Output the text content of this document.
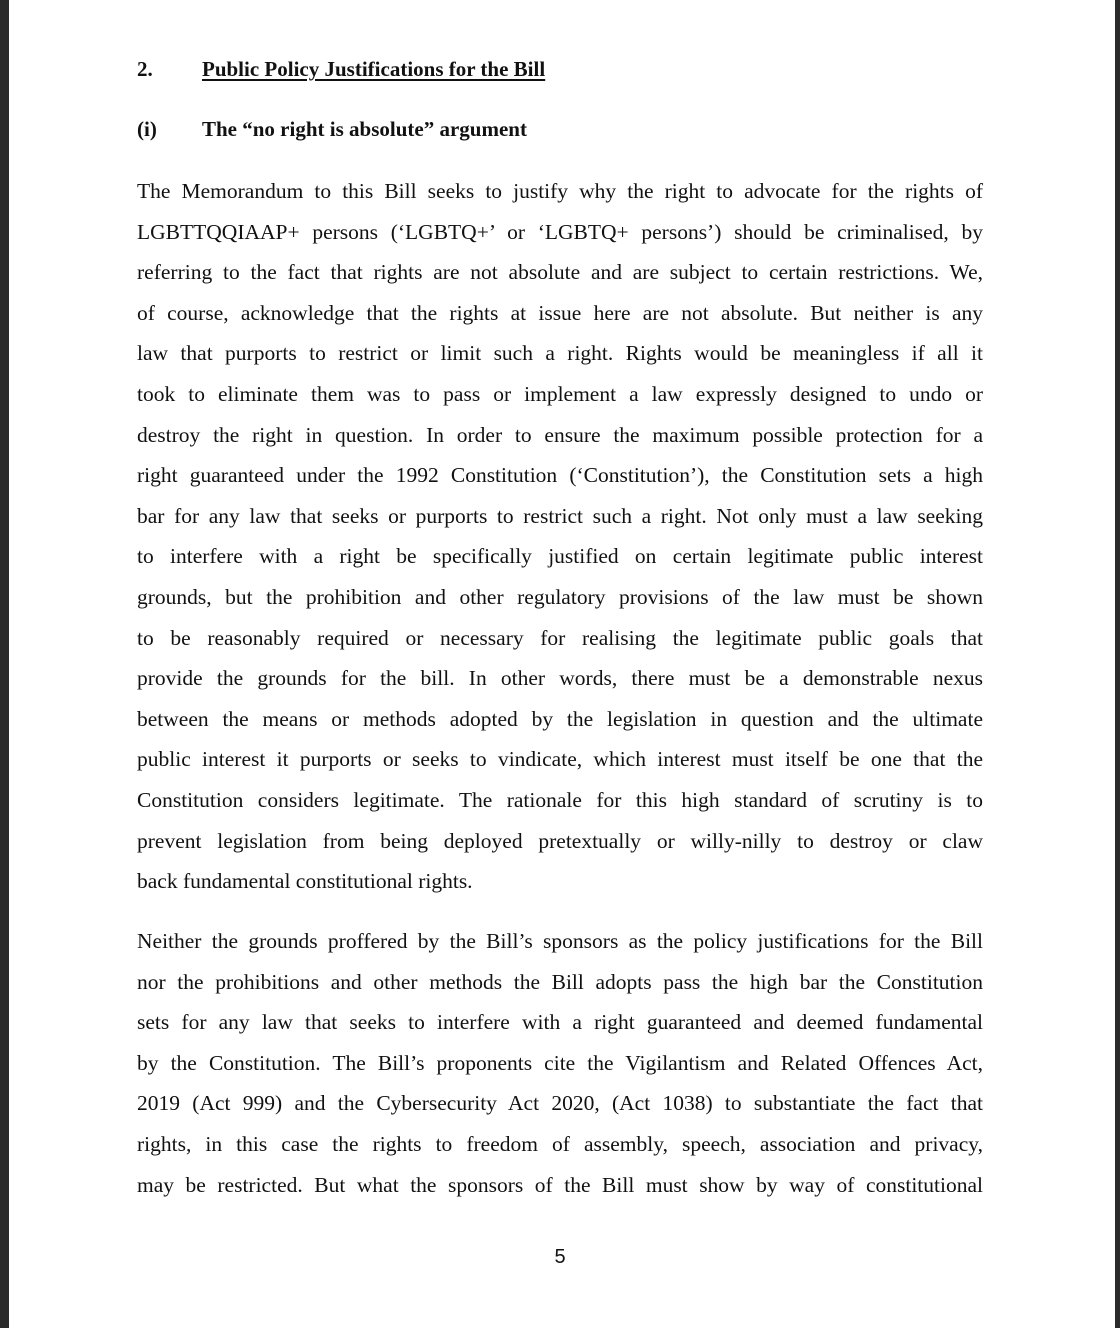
2. Public Policy Justifications for the Bill
(i) The “no right is absolute” argument
The Memorandum to this Bill seeks to justify why the right to advocate for the rights of
LGBTTQQIAAP+ persons (‘LGBTQ+’ or ‘LGBTQ+ persons’) should be criminalised, by
referring to the fact that rights are not absolute and are subject to certain restrictions. We,
of course, acknowledge that the rights at issue here are not absolute. But neither is any
law that purports to restrict or limit such a right. Rights would be meaningless if all it
took to eliminate them was to pass or implement a law expressly designed to undo or
destroy the right in question. In order to ensure the maximum possible protection for a
right guaranteed under the 1992 Constitution (‘Constitution’), the Constitution sets a high
bar for any law that seeks or purports to restrict such a right. Not only must a law seeking
to interfere with a right be specifically justified on certain legitimate public interest
grounds, but the prohibition and other regulatory provisions of the law must be shown
to be reasonably required or necessary for realising the legitimate public goals that
provide the grounds for the bill. In other words, there must be a demonstrable nexus
between the means or methods adopted by the legislation in question and the ultimate
public interest it purports or seeks to vindicate, which interest must itself be one that the
Constitution considers legitimate. The rationale for this high standard of scrutiny is to
prevent legislation from being deployed pretextually or willy-nilly to destroy or claw
back fundamental constitutional rights.
Neither the grounds proffered by the Bill’s sponsors as the policy justifications for the Bill
nor the prohibitions and other methods the Bill adopts pass the high bar the Constitution
sets for any law that seeks to interfere with a right guaranteed and deemed fundamental
by the Constitution. The Bill’s proponents cite the Vigilantism and Related Offences Act,
2019 (Act 999) and the Cybersecurity Act 2020, (Act 1038) to substantiate the fact that
rights, in this case the rights to freedom of assembly, speech, association and privacy,
may be restricted. But what the sponsors of the Bill must show by way of constitutional
5
